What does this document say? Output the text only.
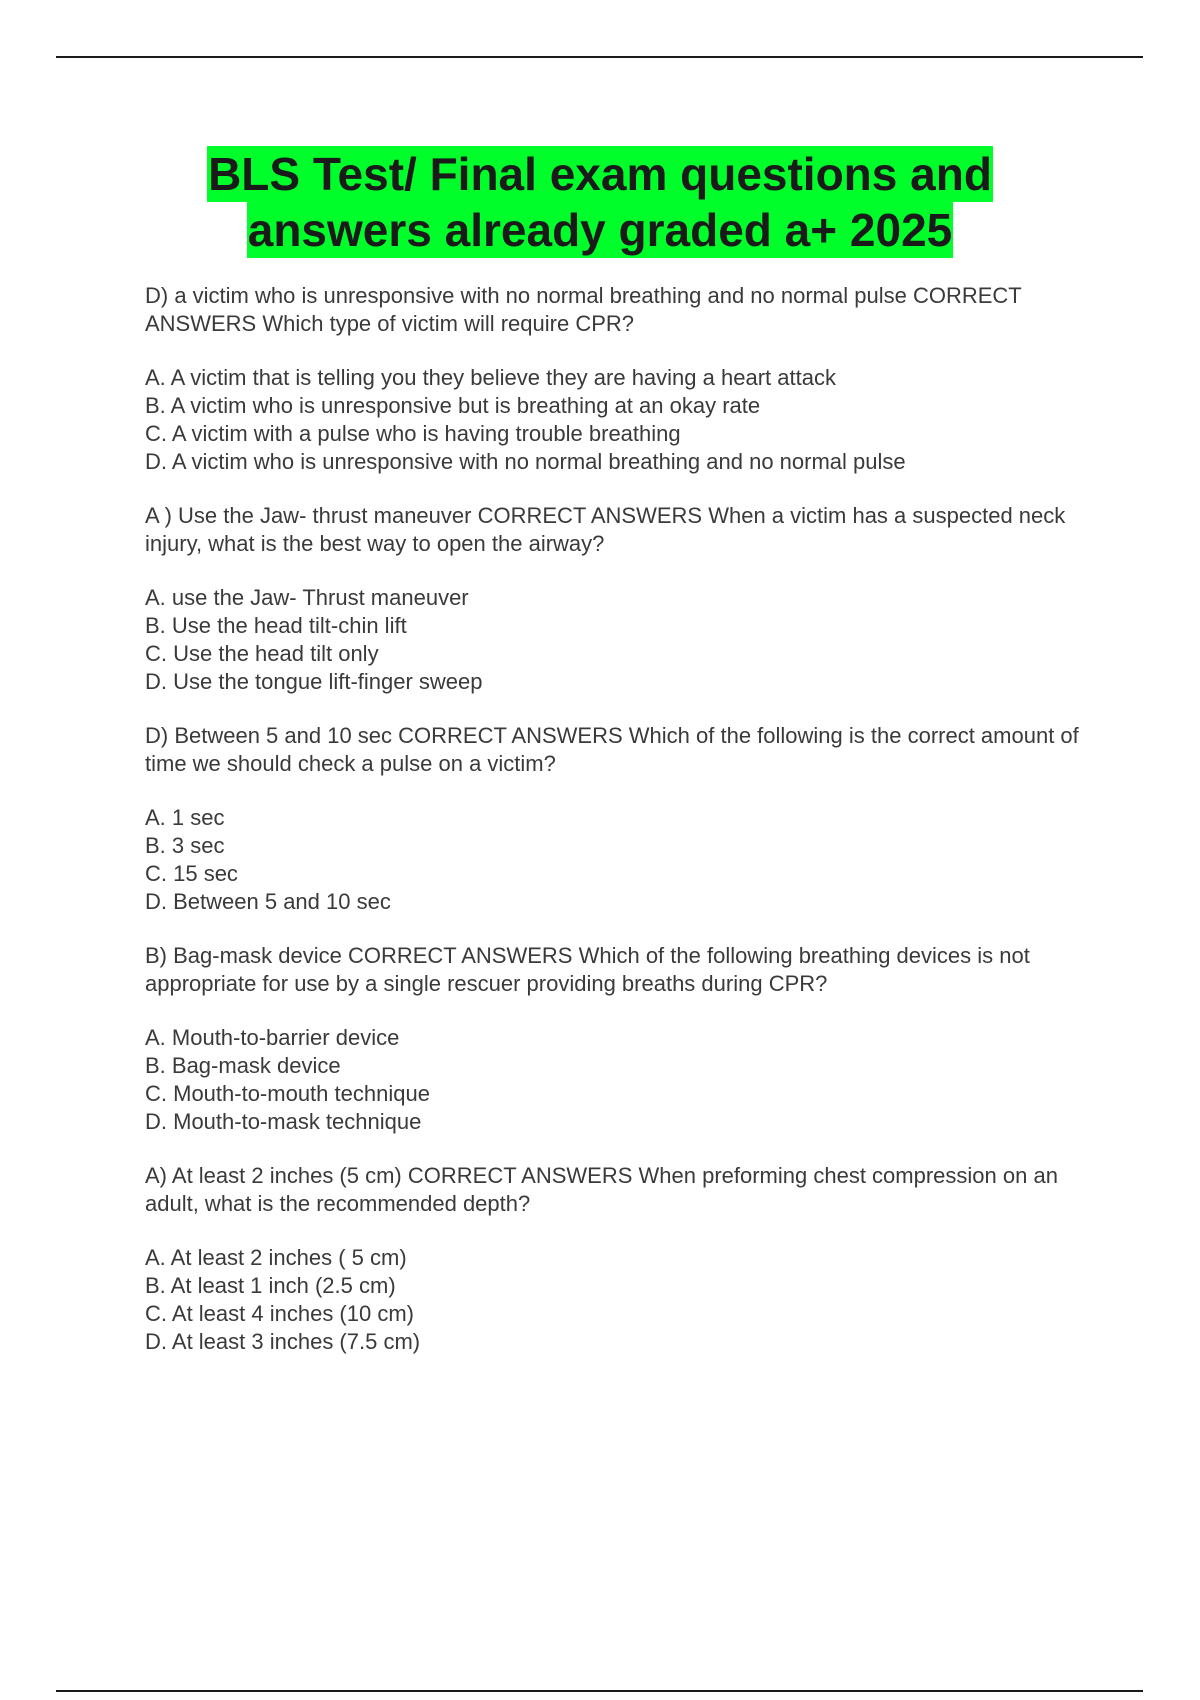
BLS Test/ Final exam questions and
answers already graded a+ 2025
D) a victim who is unresponsive with no normal breathing and no normal pulse CORRECT ANSWERS Which type of victim will require CPR?
A. A victim that is telling you they believe they are having a heart attack
B. A victim who is unresponsive but is breathing at an okay rate
C. A victim with a pulse who is having trouble breathing
D. A victim who is unresponsive with no normal breathing and no normal pulse
A ) Use the Jaw- thrust maneuver CORRECT ANSWERS When a victim has a suspected neck injury, what is the best way to open the airway?
A. use the Jaw- Thrust maneuver
B. Use the head tilt-chin lift
C. Use the head tilt only
D. Use the tongue lift-finger sweep
D) Between 5 and 10 sec CORRECT ANSWERS Which of the following is the correct amount of time we should check a pulse on a victim?
A. 1 sec
B. 3 sec
C. 15 sec
D. Between 5 and 10 sec
B) Bag-mask device CORRECT ANSWERS Which of the following breathing devices is not appropriate for use by a single rescuer providing breaths during CPR?
A. Mouth-to-barrier device
B. Bag-mask device
C. Mouth-to-mouth technique
D. Mouth-to-mask technique
A) At least 2 inches (5 cm) CORRECT ANSWERS When preforming chest compression on an adult, what is the recommended depth?
A. At least 2 inches ( 5 cm)
B. At least 1 inch (2.5 cm)
C. At least 4 inches (10 cm)
D. At least 3 inches (7.5 cm)
